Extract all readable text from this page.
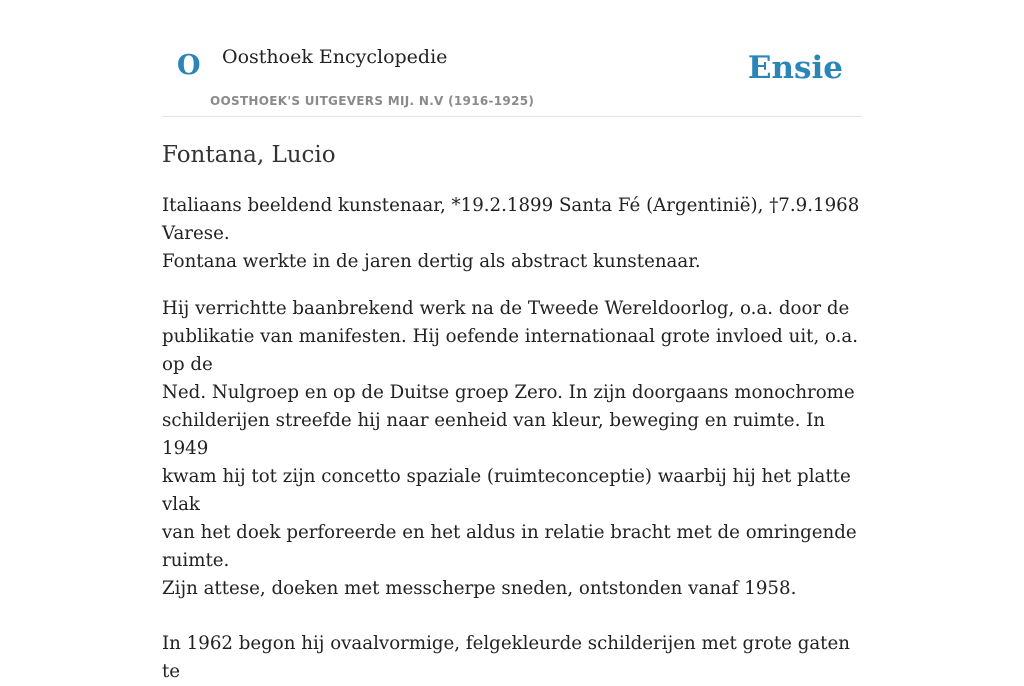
O Oosthoek Encyclopedie
OOSTHOEK'S UITGEVERS MIJ. N.V (1916-1925)
Ensie
Fontana, Lucio

Italiaans beeldend kunstenaar, *19.2.1899 Santa Fé (Argentinië), †7.9.1968 Varese.
Fontana werkte in de jaren dertig als abstract kunstenaar.

Hij verrichtte baanbrekend werk na de Tweede Wereldoorlog, o.a. door de
publikatie van manifesten. Hij oefende internationaal grote invloed uit, o.a. op de
Ned. Nulgroep en op de Duitse groep Zero. In zijn doorgaans monochrome
schilderijen streefde hij naar eenheid van kleur, beweging en ruimte. In 1949
kwam hij tot zijn concetto spaziale (ruimteconceptie) waarbij hij het platte vlak
van het doek perforeerde en het aldus in relatie bracht met de omringende ruimte.
Zijn attese, doeken met messcherpe sneden, ontstonden vanaf 1958.

In 1962 begon hij ovaalvormige, felgekleurde schilderijen met grote gaten te
